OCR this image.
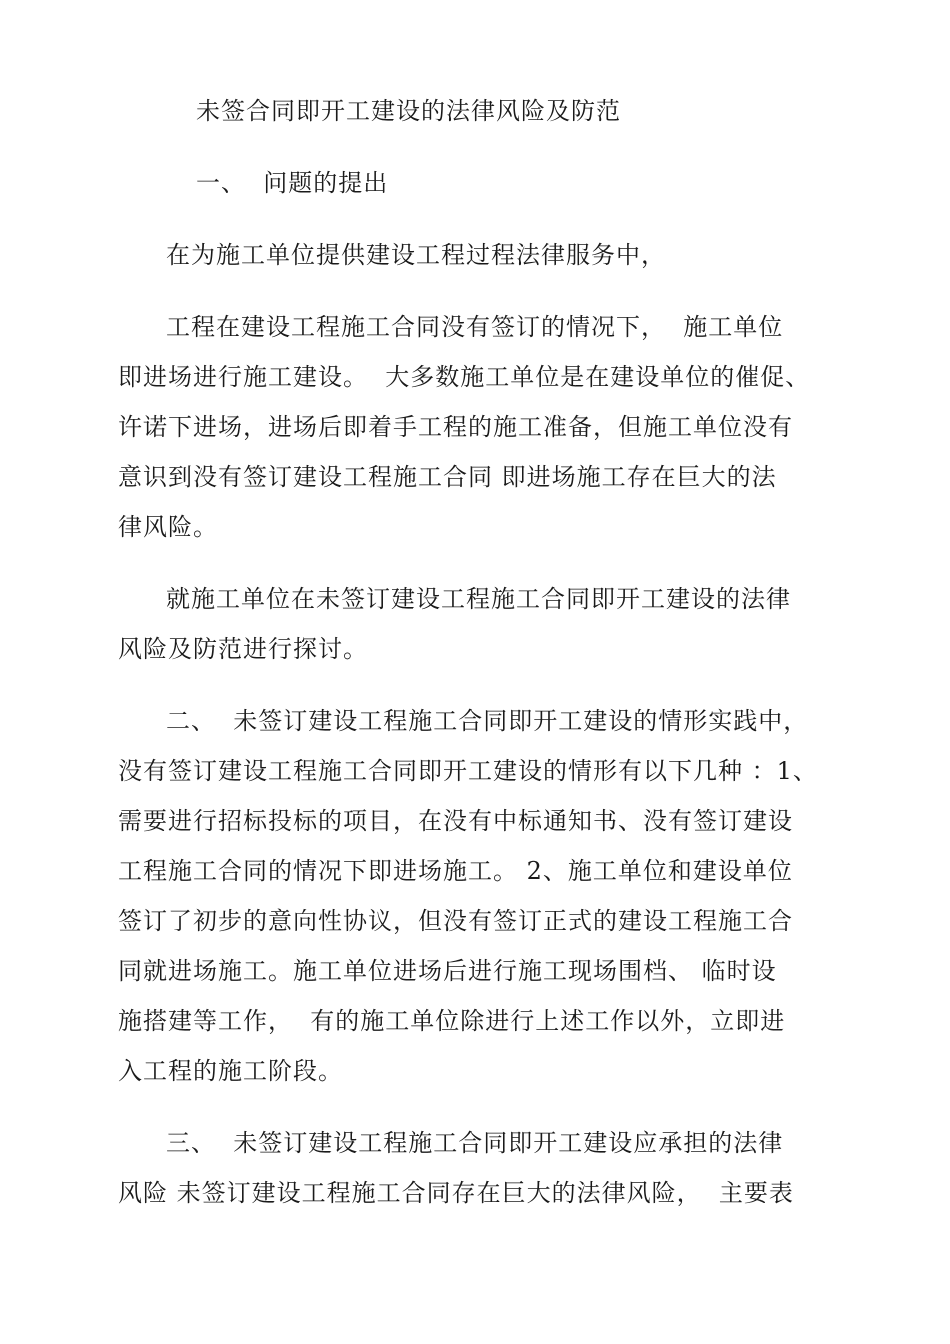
未签合同即开工建设的法律风险及防范
一、  问题的提出
在为施工单位提供建设工程过程法律服务中，
工程在建设工程施工合同没有签订的情况下，  施工单位
即进场进行施工建设。  大多数施工单位是在建设单位的催促、
许诺下进场，进场后即着手工程的施工准备，但施工单位没有
意识到没有签订建设工程施工合同 即进场施工存在巨大的法
律风险。
就施工单位在未签订建设工程施工合同即开工建设的法律
风险及防范进行探讨。
二、  未签订建设工程施工合同即开工建设的情形实践中，
没有签订建设工程施工合同即开工建设的情形有以下几种 ：1、
需要进行招标投标的项目，在没有中标通知书、没有签订建设
工程施工合同的情况下即进场施工。 2、施工单位和建设单位
签订了初步的意向性协议，但没有签订正式的建设工程施工合
同就进场施工。施工单位进场后进行施工现场围档、 临时设
施搭建等工作，  有的施工单位除进行上述工作以外，立即进
入工程的施工阶段。
三、  未签订建设工程施工合同即开工建设应承担的法律
风险 未签订建设工程施工合同存在巨大的法律风险，  主要表
